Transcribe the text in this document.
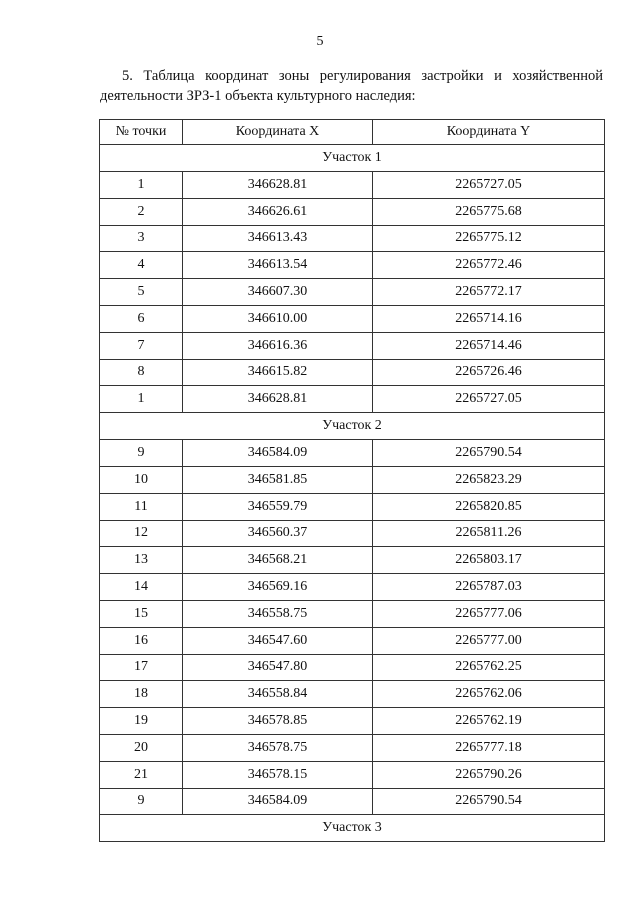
5
5. Таблица координат зоны регулирования застройки и хозяйственной деятельности ЗРЗ-1 объекта культурного наследия:
№ точки	Координата X	Координата Y
Участок 1		
1	346628.81	2265727.05
2	346626.61	2265775.68
3	346613.43	2265775.12
4	346613.54	2265772.46
5	346607.30	2265772.17
6	346610.00	2265714.16
7	346616.36	2265714.46
8	346615.82	2265726.46
1	346628.81	2265727.05
Участок 2		
9	346584.09	2265790.54
10	346581.85	2265823.29
11	346559.79	2265820.85
12	346560.37	2265811.26
13	346568.21	2265803.17
14	346569.16	2265787.03
15	346558.75	2265777.06
16	346547.60	2265777.00
17	346547.80	2265762.25
18	346558.84	2265762.06
19	346578.85	2265762.19
20	346578.75	2265777.18
21	346578.15	2265790.26
9	346584.09	2265790.54
Участок 3		
